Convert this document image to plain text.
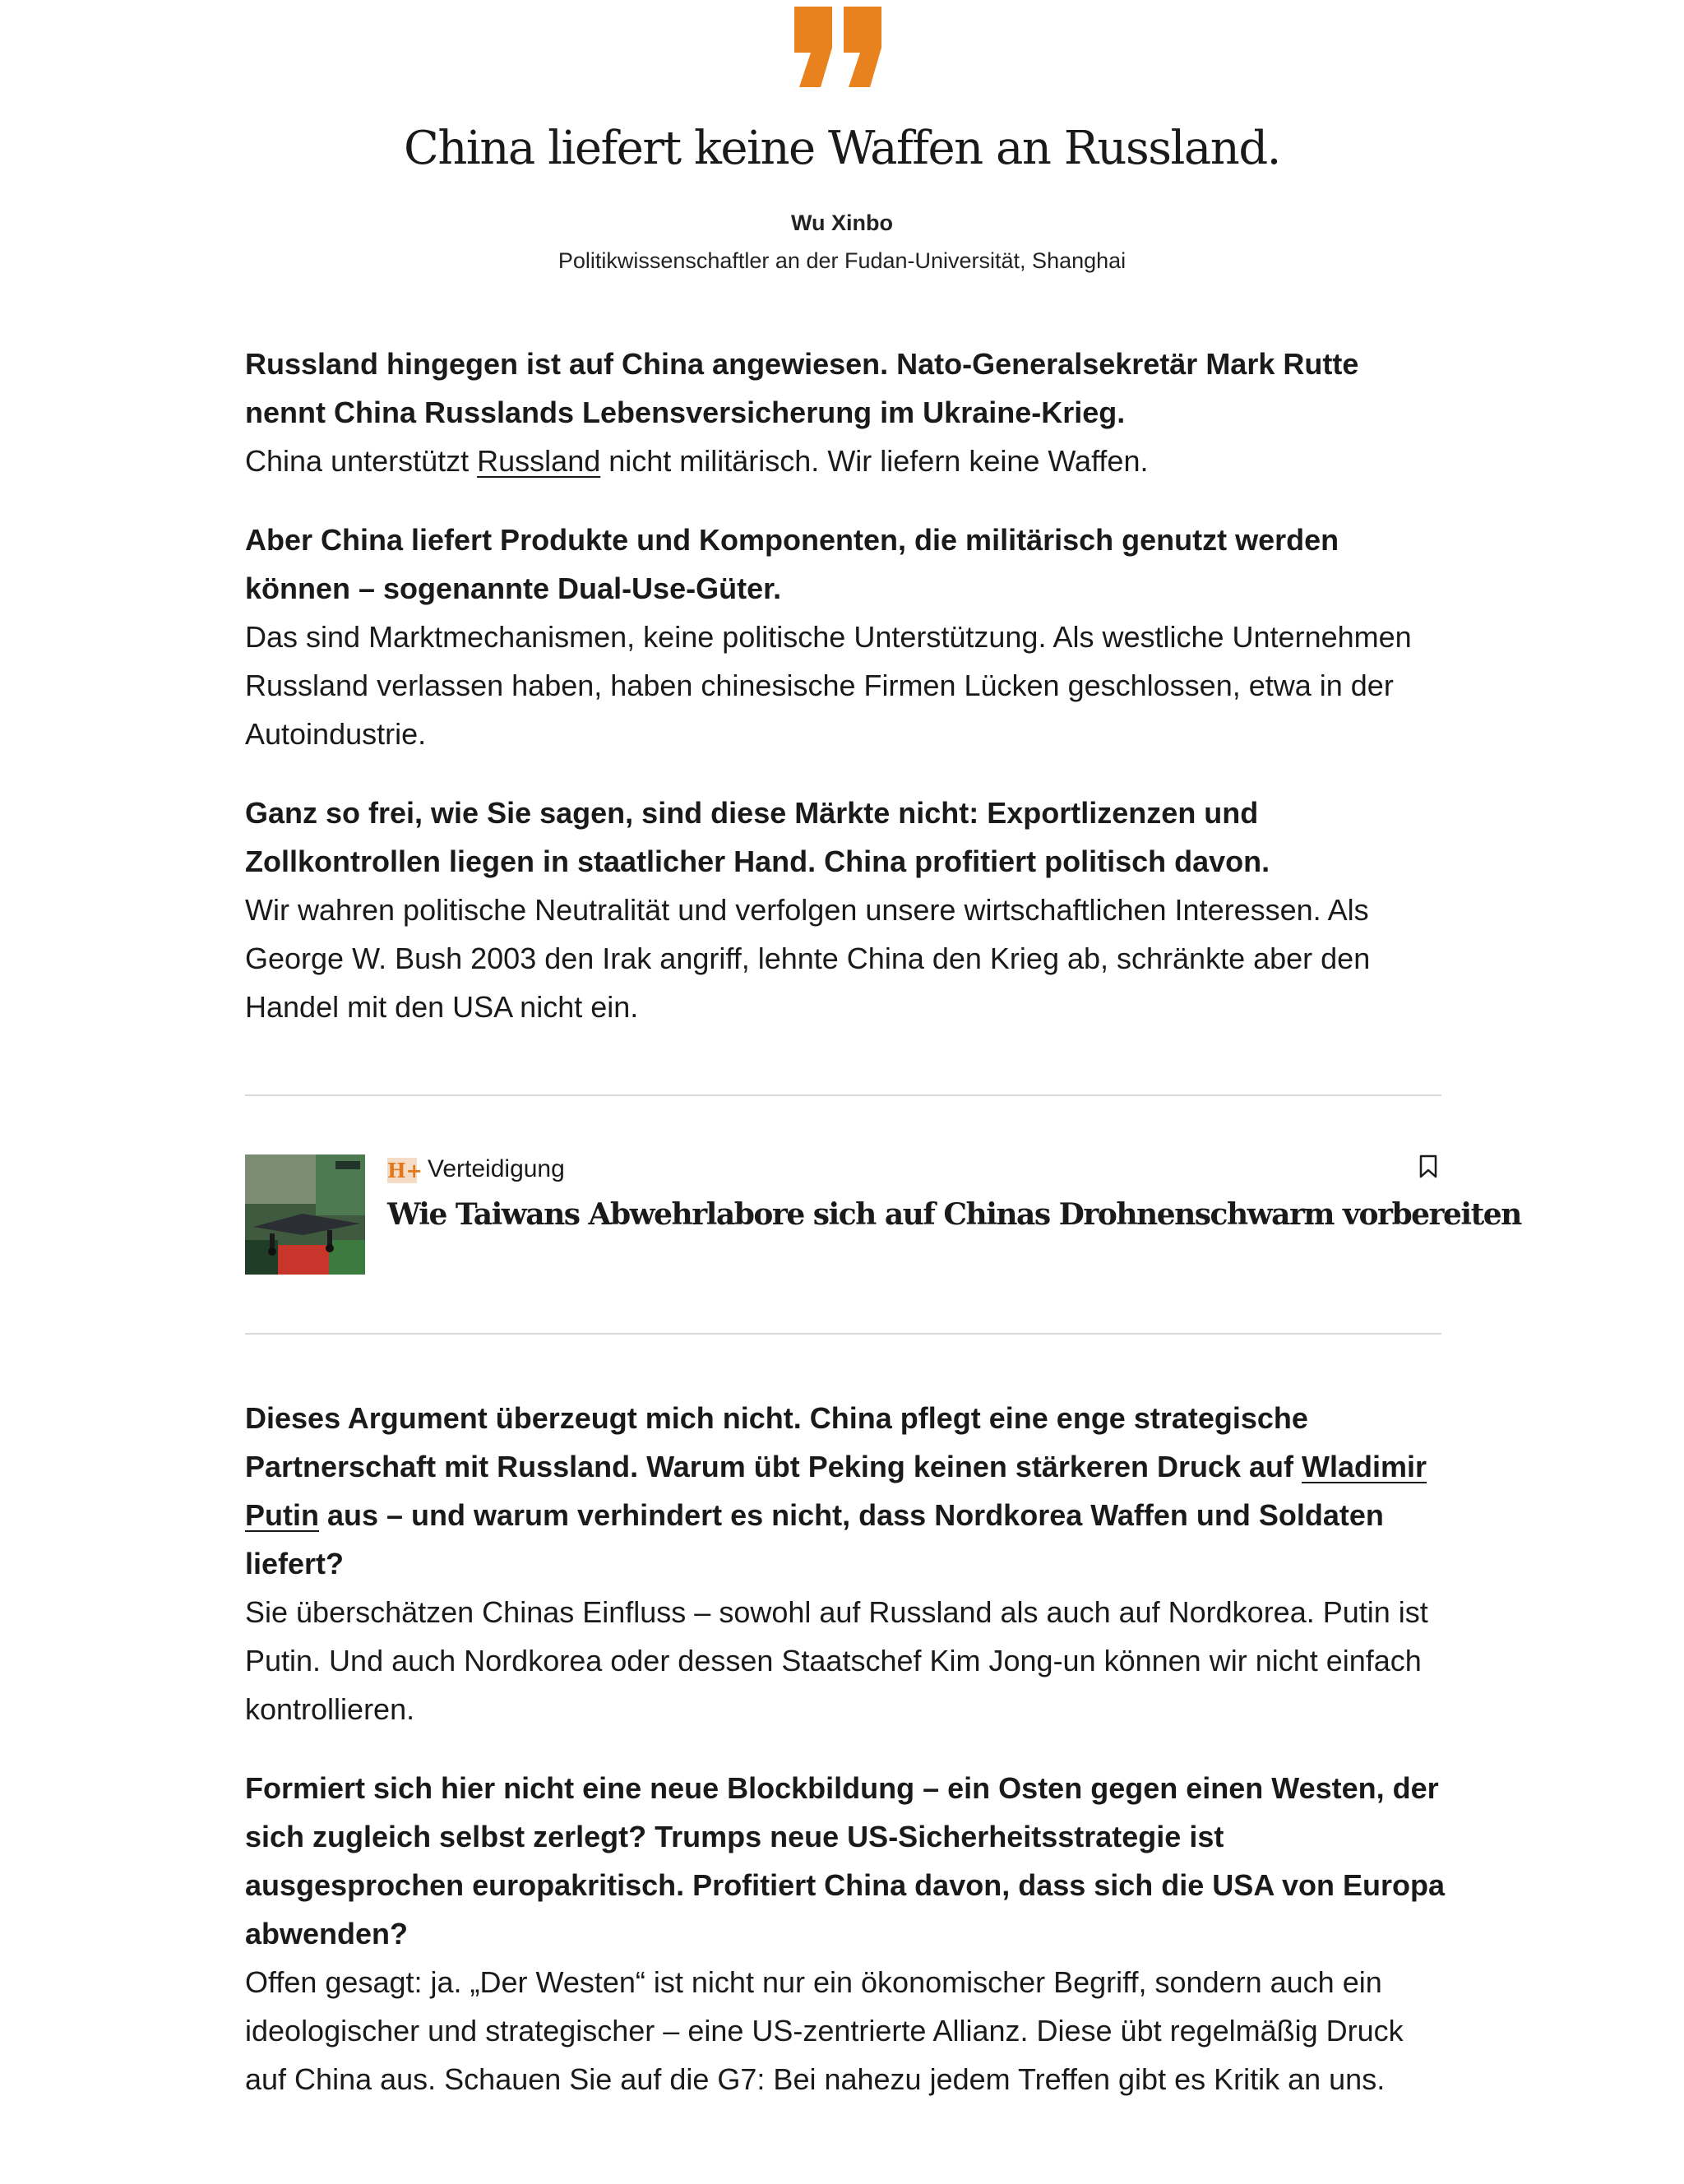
China liefert keine Waffen an Russland.
Wu Xinbo
Politikwissenschaftler an der Fudan-Universität, Shanghai

Russland hingegen ist auf China angewiesen. Nato-Generalsekretär Mark Rutte nennt China Russlands Lebensversicherung im Ukraine-Krieg.

China unterstützt Russland nicht militärisch. Wir liefern keine Waffen.

Aber China liefert Produkte und Komponenten, die militärisch genutzt werden können – sogenannte Dual-Use-Güter.

Das sind Marktmechanismen, keine politische Unterstützung. Als westliche Unternehmen Russland verlassen haben, haben chinesische Firmen Lücken geschlossen, etwa in der Autoindustrie.

Ganz so frei, wie Sie sagen, sind diese Märkte nicht: Exportlizenzen und Zollkontrollen liegen in staatlicher Hand. China profitiert politisch davon.

Wir wahren politische Neutralität und verfolgen unsere wirtschaftlichen Interessen. Als George W. Bush 2003 den Irak angriff, lehnte China den Krieg ab, schränkte aber den Handel mit den USA nicht ein.

H+ Verteidigung
Wie Taiwans Abwehrlabore sich auf Chinas Drohnenschwarm vorbereiten

Dieses Argument überzeugt mich nicht. China pflegt eine enge strategische Partnerschaft mit Russland. Warum übt Peking keinen stärkeren Druck auf Wladimir Putin aus – und warum verhindert es nicht, dass Nordkorea Waffen und Soldaten liefert?

Sie überschätzen Chinas Einfluss – sowohl auf Russland als auch auf Nordkorea. Putin ist Putin. Und auch Nordkorea oder dessen Staatschef Kim Jong-un können wir nicht einfach kontrollieren.

Formiert sich hier nicht eine neue Blockbildung – ein Osten gegen einen Westen, der sich zugleich selbst zerlegt? Trumps neue US-Sicherheitsstrategie ist ausgesprochen europakritisch. Profitiert China davon, dass sich die USA von Europa abwenden?

Offen gesagt: ja. „Der Westen“ ist nicht nur ein ökonomischer Begriff, sondern auch ein ideologischer und strategischer – eine US-zentrierte Allianz. Diese übt regelmäßig Druck auf China aus. Schauen Sie auf die G7: Bei nahezu jedem Treffen gibt es Kritik an uns.
